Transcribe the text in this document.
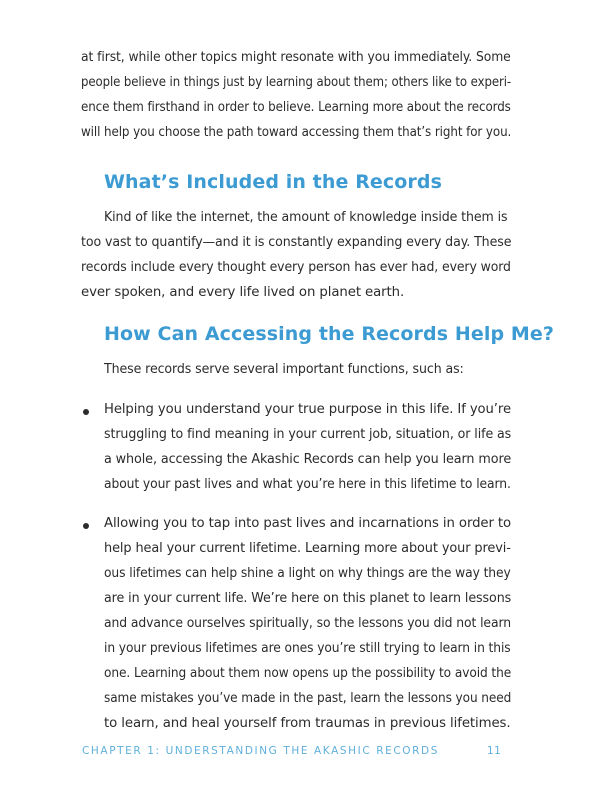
at first, while other topics might resonate with you immediately. Some
people believe in things just by learning about them; others like to experi-
ence them firsthand in order to believe. Learning more about the records
will help you choose the path toward accessing them that’s right for you.
What’s Included in the Records
Kind of like the internet, the amount of knowledge inside them is
too vast to quantify—and it is constantly expanding every day. These
records include every thought every person has ever had, every word
ever spoken, and every life lived on planet earth.
How Can Accessing the Records Help Me?
These records serve several important functions, such as:
Helping you understand your true purpose in this life. If you’re
struggling to find meaning in your current job, situation, or life as
a whole, accessing the Akashic Records can help you learn more
about your past lives and what you’re here in this lifetime to learn.
Allowing you to tap into past lives and incarnations in order to
help heal your current lifetime. Learning more about your previ-
ous lifetimes can help shine a light on why things are the way they
are in your current life. We’re here on this planet to learn lessons
and advance ourselves spiritually, so the lessons you did not learn
in your previous lifetimes are ones you’re still trying to learn in this
one. Learning about them now opens up the possibility to avoid the
same mistakes you’ve made in the past, learn the lessons you need
to learn, and heal yourself from traumas in previous lifetimes.
CHAPTER 1: UNDERSTANDING THE AKASHIC RECORDS	11
